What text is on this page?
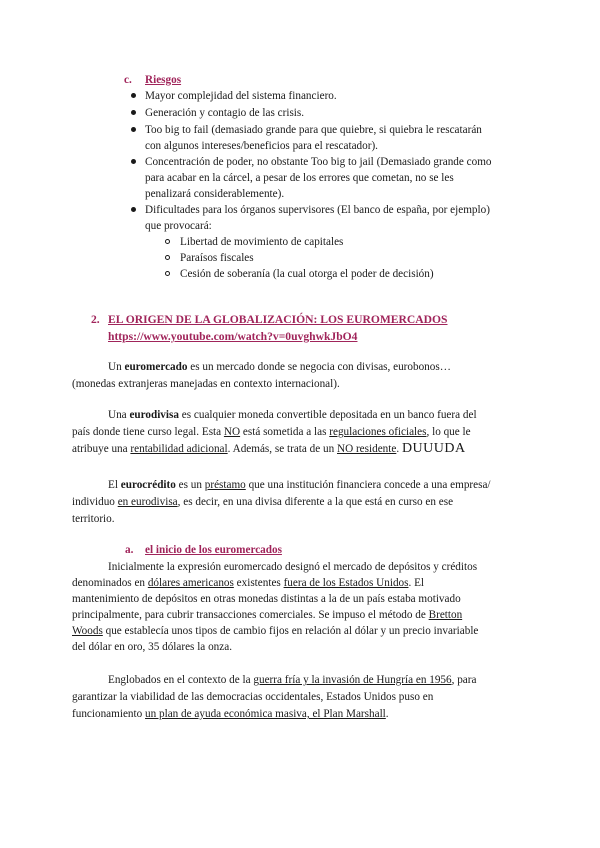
c. Riesgos
Mayor complejidad del sistema financiero.
Generación y contagio de las crisis.
Too big to fail (demasiado grande para que quiebre, si quiebra le rescatarán
con algunos intereses/beneficios para el rescatador).
Concentración de poder, no obstante Too big to jail (Demasiado grande como
para acabar en la cárcel, a pesar de los errores que cometan, no se les
penalizará considerablemente).
Dificultades para los órganos supervisores (El banco de españa, por ejemplo)
que provocará:
Libertad de movimiento de capitales
Paraísos fiscales
Cesión de soberanía (la cual otorga el poder de decisión)
2. EL ORIGEN DE LA GLOBALIZACIÓN: LOS EUROMERCADOS
https://www.youtube.com/watch?v=0uvghwkJbO4
Un euromercado es un mercado donde se negocia con divisas, eurobonos…
(monedas extranjeras manejadas en contexto internacional).
Una eurodivisa es cualquier moneda convertible depositada en un banco fuera del
país donde tiene curso legal. Esta NO está sometida a las regulaciones oficiales, lo que le
atribuye una rentabilidad adicional. Además, se trata de un NO residente. DUUUDA
El eurocrédito es un préstamo que una institución financiera concede a una empresa/
individuo en eurodivisa, es decir, en una divisa diferente a la que está en curso en ese
territorio.
a. el inicio de los euromercados
Inicialmente la expresión euromercado designó el mercado de depósitos y créditos
denominados en dólares americanos existentes fuera de los Estados Unidos. El
mantenimiento de depósitos en otras monedas distintas a la de un país estaba motivado
principalmente, para cubrir transacciones comerciales. Se impuso el método de Bretton
Woods que establecía unos tipos de cambio fijos en relación al dólar y un precio invariable
del dólar en oro, 35 dólares la onza.
Englobados en el contexto de la guerra fría y la invasión de Hungría en 1956, para
garantizar la viabilidad de las democracias occidentales, Estados Unidos puso en
funcionamiento un plan de ayuda económica masiva, el Plan Marshall.
